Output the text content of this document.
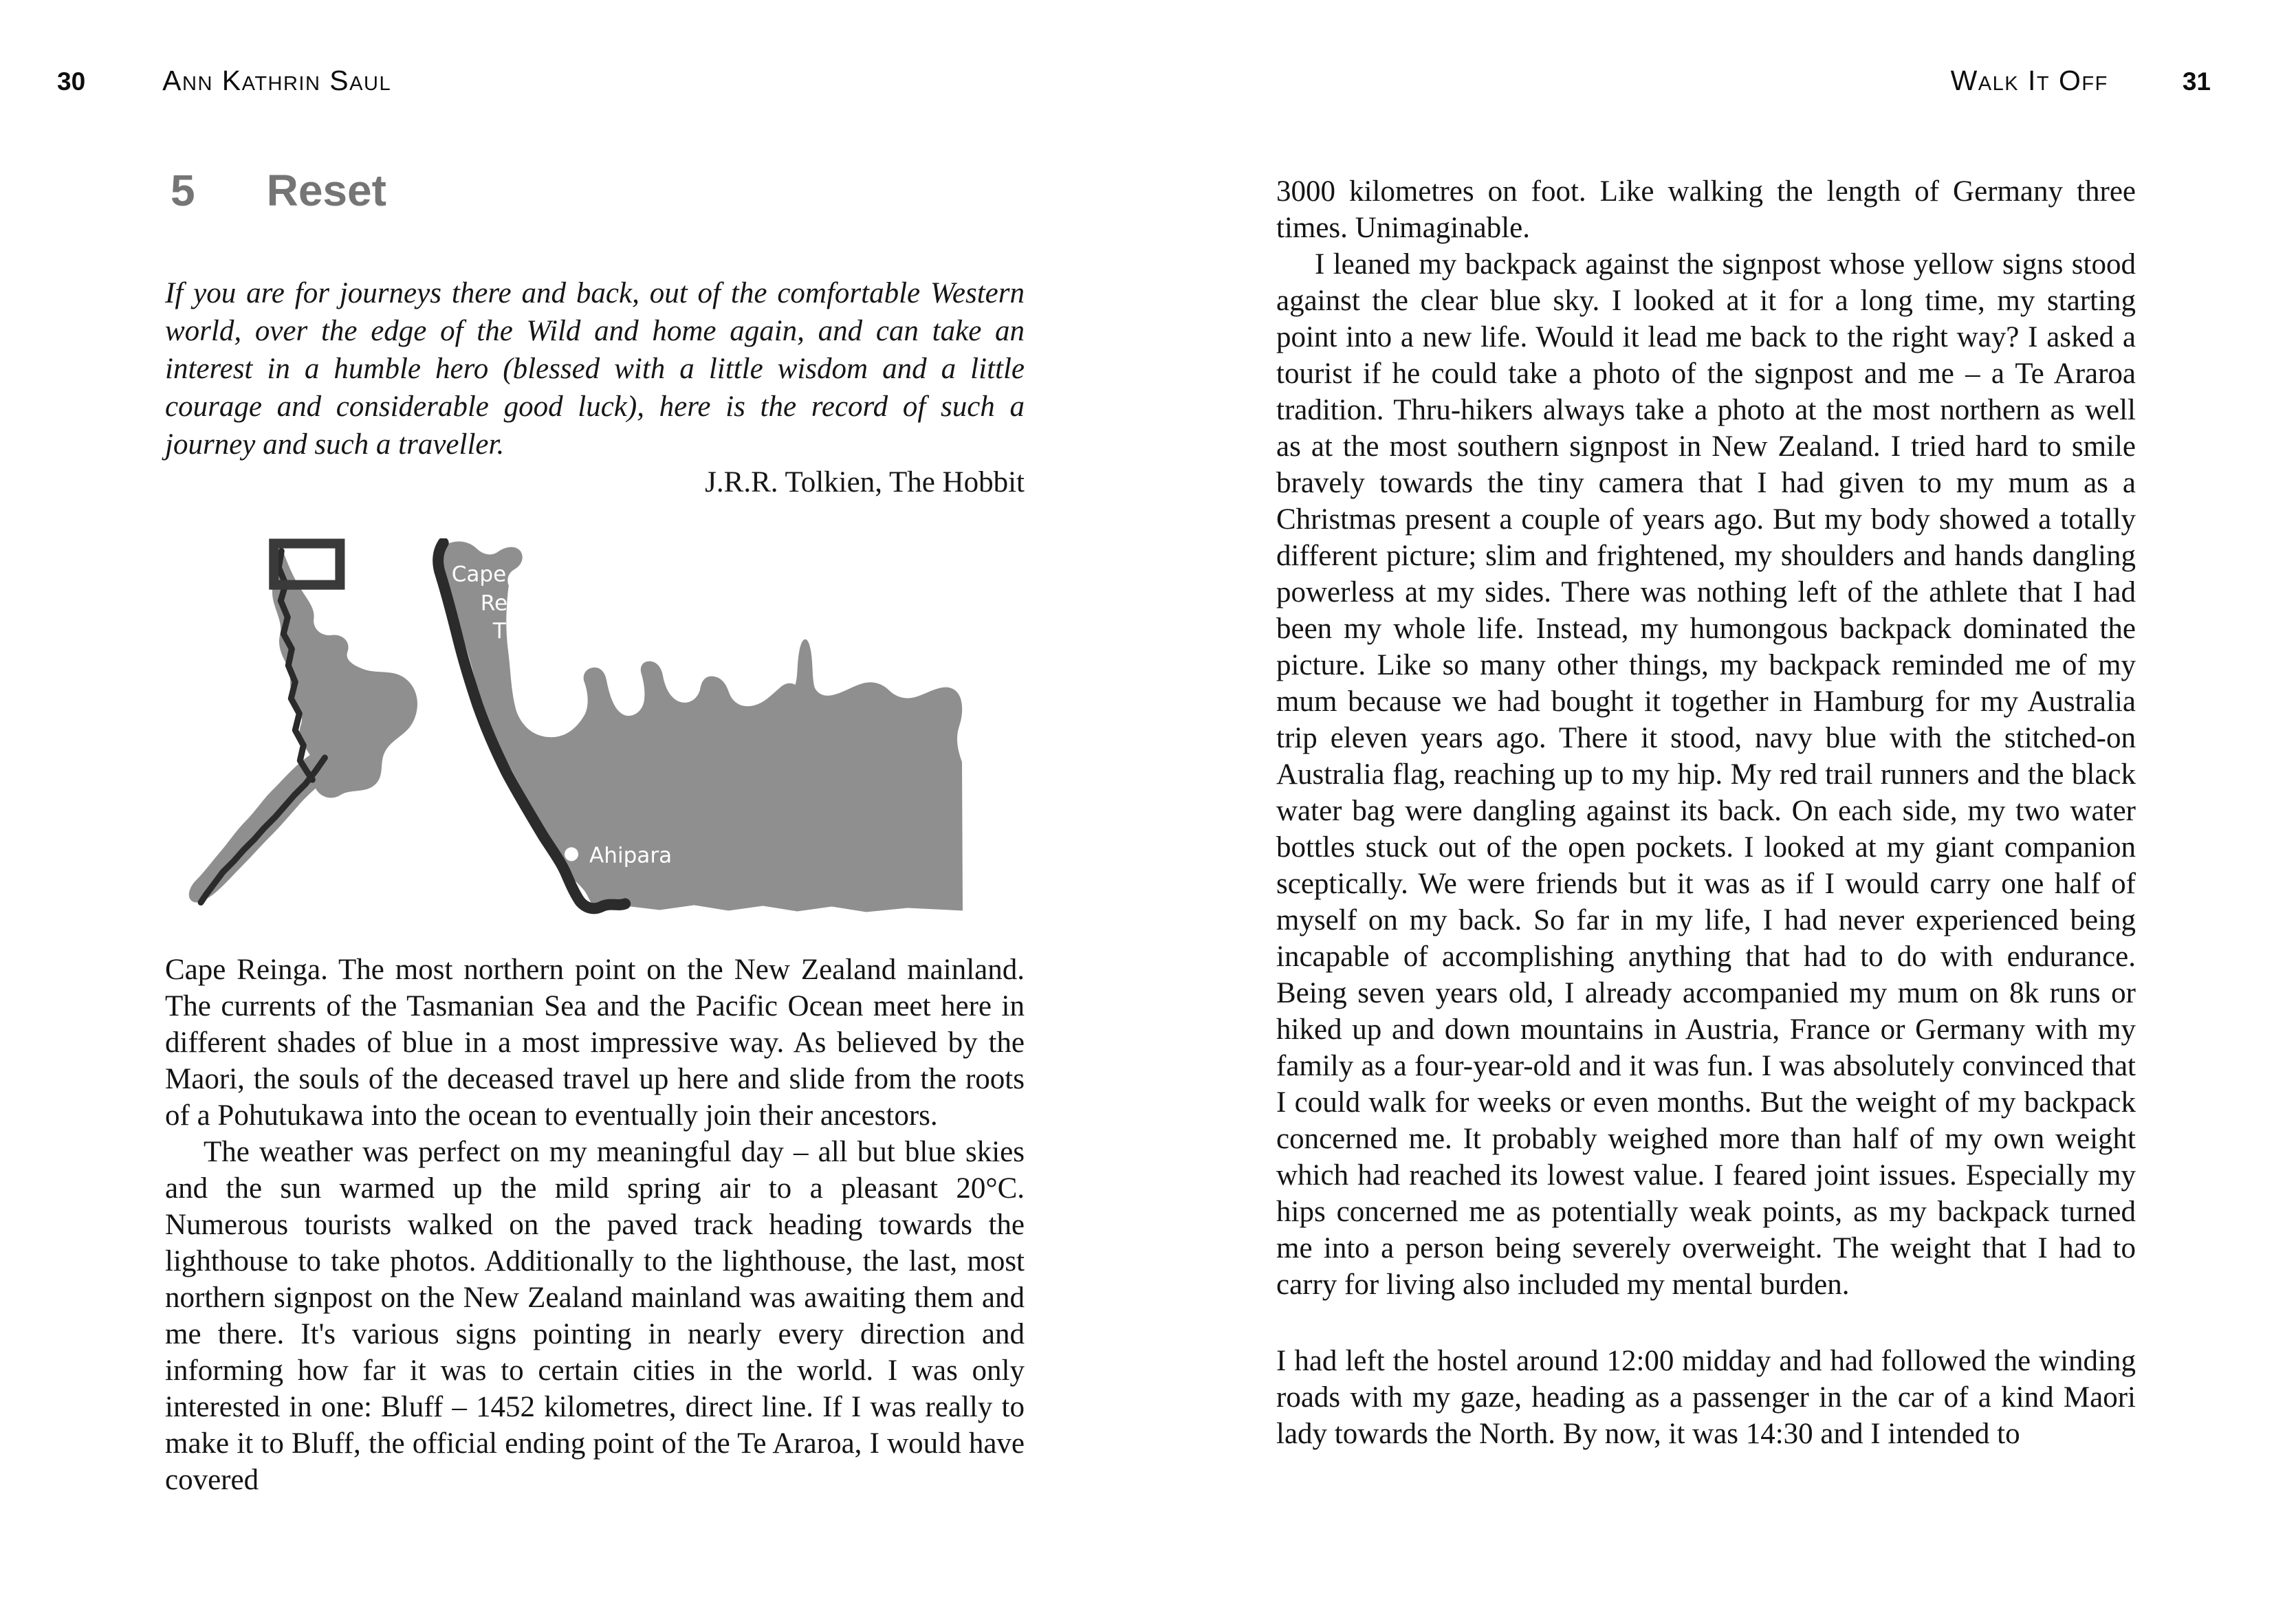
30	Ann Kathrin Saul	Walk It Off	31
5 Reset
If you are for journeys there and back, out of the comfortable Western world, over the edge of the Wild and home again, and can take an interest in a humble hero (blessed with a little wisdom and a little courage and considerable good luck), here is the record of such a journey and such a traveller.
J.R.R. Tolkien, The Hobbit
Cape
Reinga
The
Bluff
Ahipara

Cape Reinga. The most northern point on the New Zealand mainland. The currents of the Tasmanian Sea and the Pacific Ocean meet here in different shades of blue in a most impressive way. As believed by the Maori, the souls of the deceased travel up here and slide from the roots of a Pohutukawa into the ocean to eventually join their ancestors.

The weather was perfect on my meaningful day – all but blue skies and the sun warmed up the mild spring air to a pleasant 20°C. Numerous tourists walked on the paved track heading towards the lighthouse to take photos. Additionally to the lighthouse, the last, most northern signpost on the New Zealand mainland was awaiting them and me there. It's various signs pointing in nearly every direction and informing how far it was to certain cities in the world. I was only interested in one: Bluff – 1452 kilometres, direct line. If I was really to make it to Bluff, the official ending point of the Te Araroa, I would have covered

3000 kilometres on foot. Like walking the length of Germany three times. Unimaginable.

I leaned my backpack against the signpost whose yellow signs stood against the clear blue sky. I looked at it for a long time, my starting point into a new life. Would it lead me back to the right way? I asked a tourist if he could take a photo of the signpost and me – a Te Araroa tradition. Thru-hikers always take a photo at the most northern as well as at the most southern signpost in New Zealand. I tried hard to smile bravely towards the tiny camera that I had given to my mum as a Christmas present a couple of years ago. But my body showed a totally different picture; slim and frightened, my shoulders and hands dangling powerless at my sides. There was nothing left of the athlete that I had been my whole life. Instead, my humongous backpack dominated the picture. Like so many other things, my backpack reminded me of my mum because we had bought it together in Hamburg for my Australia trip eleven years ago. There it stood, navy blue with the stitched-on Australia flag, reaching up to my hip. My red trail runners and the black water bag were dangling against its back. On each side, my two water bottles stuck out of the open pockets. I looked at my giant companion sceptically. We were friends but it was as if I would carry one half of myself on my back. So far in my life, I had never experienced being incapable of accomplishing anything that had to do with endurance. Being seven years old, I already accompanied my mum on 8k runs or hiked up and down mountains in Austria, France or Germany with my family as a four-year-old and it was fun. I was absolutely convinced that I could walk for weeks or even months. But the weight of my backpack concerned me. It probably weighed more than half of my own weight which had reached its lowest value. I feared joint issues. Especially my hips concerned me as potentially weak points, as my backpack turned me into a person being severely overweight. The weight that I had to carry for living also included my mental burden.

I had left the hostel around 12:00 midday and had followed the winding roads with my gaze, heading as a passenger in the car of a kind Maori lady towards the North. By now, it was 14:30 and I intended to
